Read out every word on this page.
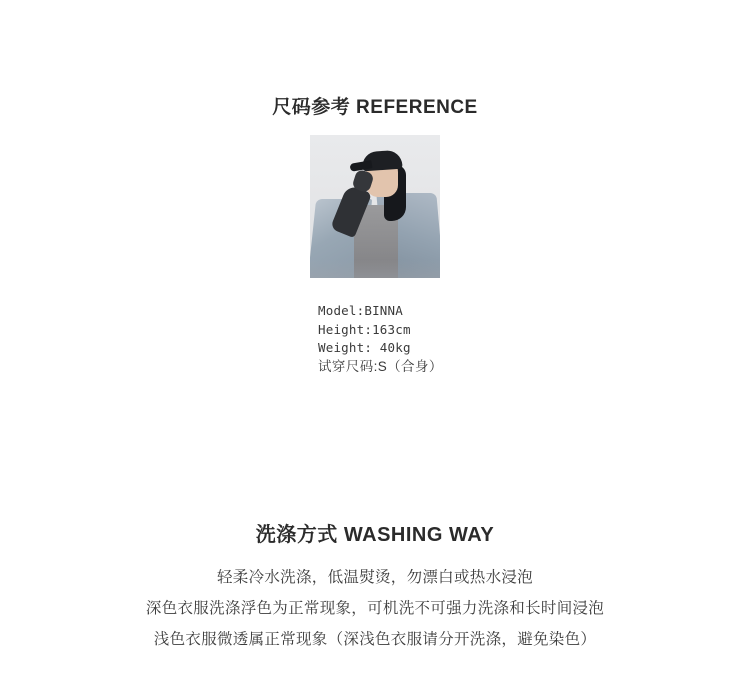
尺码参考 REFERENCE
Model:BINNA
Height:163cm
Weight: 40kg
试穿尺码:S（合身）
洗涤方式 WASHING WAY
轻柔冷水洗涤，低温熨烫，勿漂白或热水浸泡
深色衣服洗涤浮色为正常现象，可机洗不可强力洗涤和长时间浸泡
浅色衣服微透属正常现象（深浅色衣服请分开洗涤，避免染色）
